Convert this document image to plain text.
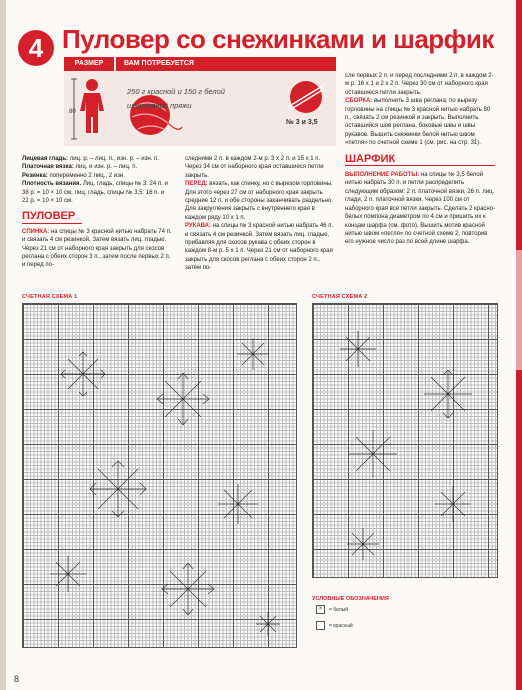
4 Пуловер со снежинками и шарфик
РАЗМЕР	ВАМ ПОТРЕБУЕТСЯ
80
250 г красной и 150 г белой
шерстяной пряжи
№ 3 и 3,5

Лицевая гладь: лиц. р. – лиц. п., изн. р. – изн. п.

Платочная вязка: лиц. и изн. р. – лиц. п.

Резинка: попеременно 2 лиц., 2 изн.

Плотность вязания. Лиц. гладь, спицы № 3: 24 п. и 38 р. = 10 × 10 см, лиц. гладь, спицы № 3,5: 16 п. и 22 р. = 10 × 10 см.

ПУЛОВЕР

СПИНКА: на спицы № 3 красной нитью набрать 74 п. и связать 4 см резинкой. Затем вязать лиц. гладью. Через 21 см от наборного края закрыть для скосов реглана с обеих сторон 3 п., затем после первых 2 п. и перед по-

следними 2 п. в каждом 2-м р. 3 х 2 п. и 15 х 1 п. Через 34 см от наборного края оставшиеся петли закрыть.

ПЕРЕД: вязать, как спинку, но с вырезом горловины. Для этого через 27 см от наборного края закрыть средние 12 п. и обе стороны заканчивать раздельно. Для закругления закрыть с внутреннего края в каждом ряду 10 х 1 п.

РУКАВА: на спицы № 3 красной нитью набрать 46 п. и связать 4 см резинкой. Затем вязать лиц. гладью, прибавляя для скосов рукава с обеих сторон в каждом 8-м р. 5 х 1 п. Через 21 см от наборного края закрыть для скосов реглана с обеих сторон 2 п., затем по-

сле первых 2 п. и перед последними 2 п. в каждом 2-м р. 16 х 1 и 2 х 2 п. Через 30 см от наборного края оставшиеся петли закрыть.

СБОРКА: выполнить 3 шва реглана; по вырезу горловины на спицы № 3 красной нитью набрать 80 п., связать 2 см резинкой и закрыть. Выполнить оставшийся шов реглана, боковые швы и швы рукавов. Вышить снежинки белой нитью швом «петля» по счетной схеме 1 (см. рис. на стр. 31).

ШАРФИК

ВЫПОЛНЕНИЕ РАБОТЫ: на спицы № 3,5 белой нитью набрать 30 п. и петли распределить следующим образом: 2 п. платочной вязки, 26 п. лиц. глади, 2 п. платочной вязки. Через 100 см от наборного края все петли закрыть. Сделать 2 красно-белых помпона диаметром по 4 см и пришить их к концам шарфа (см. фото). Вышить мотив красной нитью швом «петля» по счетной схеме 2, повторив его нужное число раз по всей длине шарфа.

СЧЕТНАЯ СХЕМА 1	СЧЕТНАЯ СХЕМА 2
УСЛОВНЫЕ ОБОЗНАЧЕНИЯ
× = белый
= красный
8
